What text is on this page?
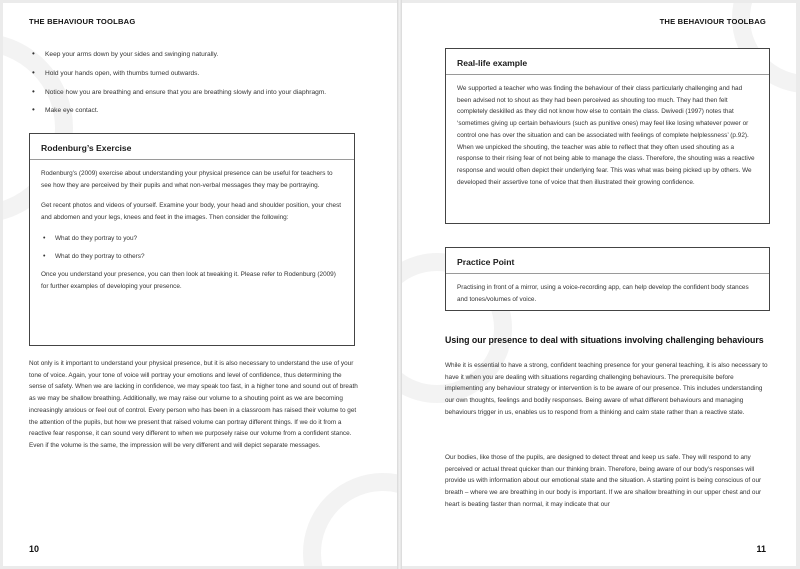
THE BEHAVIOUR TOOLBAG
• Keep your arms down by your sides and swinging naturally.
• Hold your hands open, with thumbs turned outwards.
• Notice how you are breathing and ensure that you are breathing slowly and into your diaphragm.
• Make eye contact.
Rodenburg’s Exercise

Rodenburg’s (2009) exercise about understanding your physical presence can be useful for teachers to see how they are perceived by their pupils and what non-verbal messages they may be portraying.

Get recent photos and videos of yourself. Examine your body, your head and shoulder position, your chest and abdomen and your legs, knees and feet in the images. Then consider the following:

• What do they portray to you?
• What do they portray to others?

Once you understand your presence, you can then look at tweaking it. Please refer to Rodenburg (2009) for further examples of developing your presence.

Not only is it important to understand your physical presence, but it is also necessary to understand the use of your tone of voice. Again, your tone of voice will portray your emotions and level of confidence, thus determining the sense of safety. When we are lacking in confidence, we may speak too fast, in a higher tone and sound out of breath as we may be shallow breathing. Additionally, we may raise our volume to a shouting point as we are becoming increasingly anxious or feel out of control. Every person who has been in a classroom has raised their volume to get the attention of the pupils, but how we present that raised volume can portray different things. If we do it from a reactive fear response, it can sound very different to when we purposely raise our volume from a confident stance. Even if the volume is the same, the impression will be very different and will depict separate messages.

10
THE BEHAVIOUR TOOLBAG
Real-life example

We supported a teacher who was finding the behaviour of their class particularly challenging and had been advised not to shout as they had been perceived as shouting too much. They had then felt completely deskilled as they did not know how else to contain the class. Dwivedi (1997) notes that ‘sometimes giving up certain behaviours (such as punitive ones) may feel like losing whatever power or control one has over the situation and can be associated with feelings of complete helplessness’ (p.92). When we unpicked the shouting, the teacher was able to reflect that they often used shouting as a response to their rising fear of not being able to manage the class. Therefore, the shouting was a reactive response and would often depict their underlying fear. This was what was being picked up by others. We developed their assertive tone of voice that then illustrated their growing confidence.

Practice Point

Practising in front of a mirror, using a voice-recording app, can help develop the confident body stances and tones/volumes of voice.

Using our presence to deal with situations involving challenging behaviours

While it is essential to have a strong, confident teaching presence for your general teaching, it is also necessary to have it when you are dealing with situations regarding challenging behaviours. The prerequisite before implementing any behaviour strategy or intervention is to be aware of our presence. This includes understanding our own thoughts, feelings and bodily responses. Being aware of what different behaviours and managing behaviours trigger in us, enables us to respond from a thinking and calm state rather than a reactive state.

Our bodies, like those of the pupils, are designed to detect threat and keep us safe. They will respond to any perceived or actual threat quicker than our thinking brain. Therefore, being aware of our body’s responses will provide us with information about our emotional state and the situation. A starting point is being conscious of our breath – where we are breathing in our body is important. If we are shallow breathing in our upper chest and our heart is beating faster than normal, it may indicate that our

11
